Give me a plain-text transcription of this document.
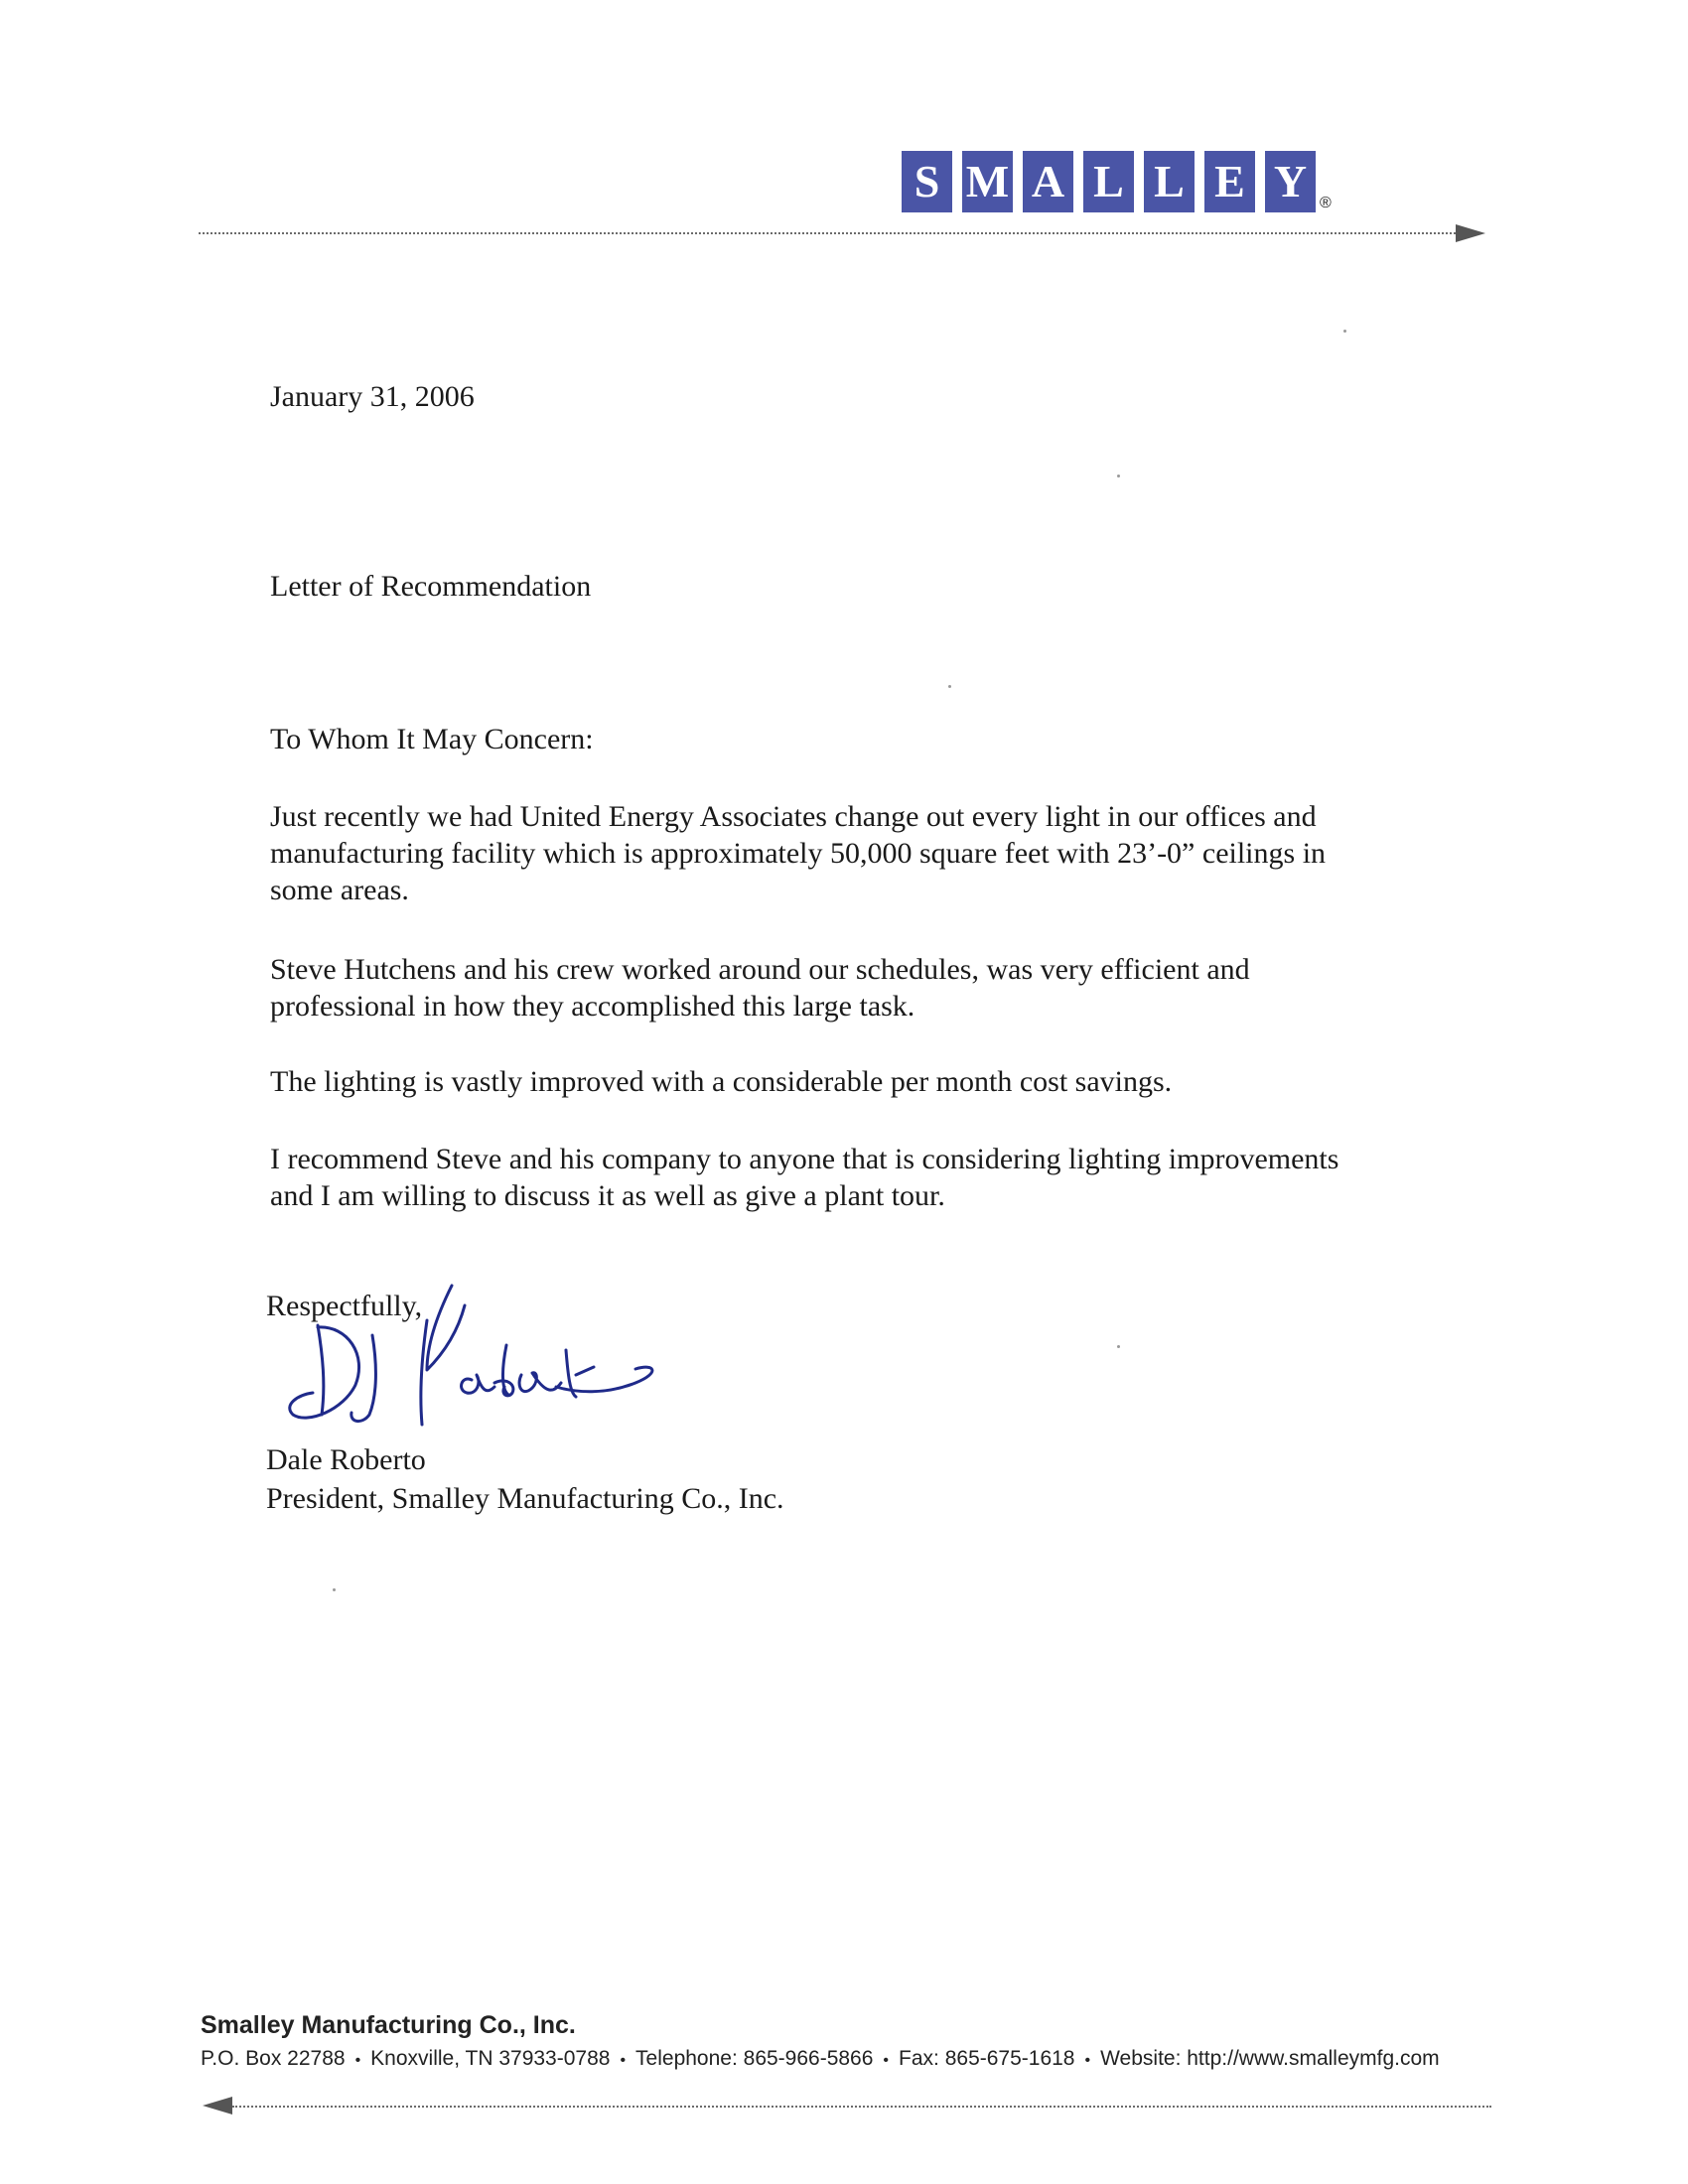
S M A L L E Y ®
January 31, 2006
Letter of Recommendation
To Whom It May Concern:
Just recently we had United Energy Associates change out every light in our offices and
manufacturing facility which is approximately 50,000 square feet with 23’-0” ceilings in
some areas.
Steve Hutchens and his crew worked around our schedules, was very efficient and
professional in how they accomplished this large task.
The lighting is vastly improved with a considerable per month cost savings.
I recommend Steve and his company to anyone that is considering lighting improvements
and I am willing to discuss it as well as give a plant tour.
Respectfully,
Dale Roberto
President, Smalley Manufacturing Co., Inc.
Smalley Manufacturing Co., Inc.
P.O. Box 22788 • Knoxville, TN 37933-0788 • Telephone: 865-966-5866 • Fax: 865-675-1618 • Website: http://www.smalleymfg.com
